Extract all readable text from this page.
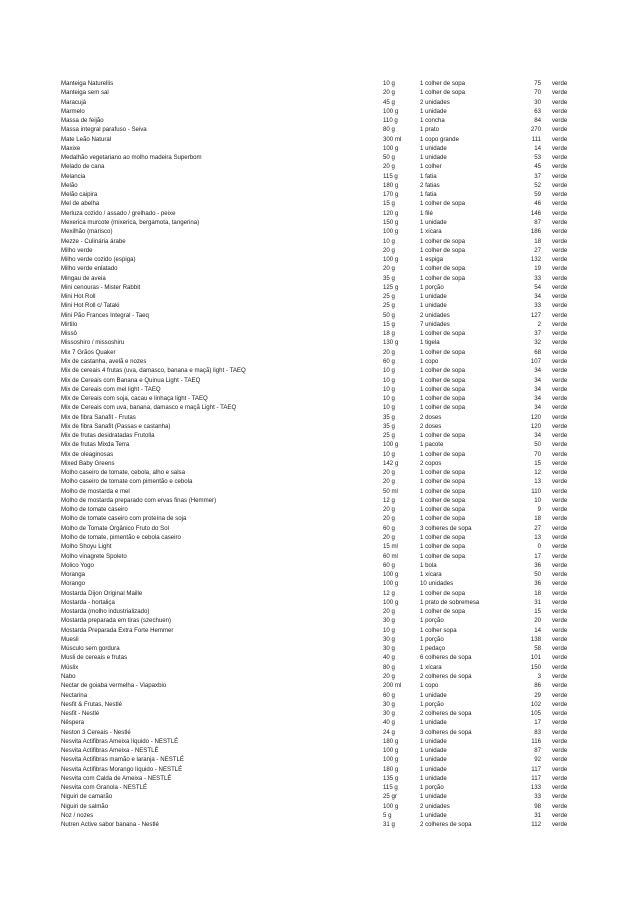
Manteiga Naturellis	10 g	1 colher de sopa	75 verde
Manteiga sem sal	20 g	1 colher de sopa	70 verde
Maracujá	45 g	2 unidades	30 verde
Marmelo	100 g	1 unidade	63 verde
Massa de feijão	110 g	1 concha	84 verde
Massa integral parafuso - Seiva	80 g	1 prato	270 verde
Mate Leão Natural	300 ml	1 copo grande	111 verde
Maxixe	100 g	1 unidade	14 verde
Medalhão vegetariano ao molho madeira Superbom	50 g	1 unidade	53 verde
Melado de cana	20 g	1 colher	45 verde
Melancia	115 g	1 fatia	37 verde
Melão	180 g	2 fatias	52 verde
Melão caipira	170 g	1 fatia	59 verde
Mel de abelha	15 g	1 colher de sopa	46 verde
Merluza cozido / assado / grelhado - peixe	120 g	1 filé	146 verde
Mexerica murcote (mixerica, bergamota, tangerina)	150 g	1 unidade	87 verde
Mexilhão (marisco)	100 g	1 xícara	186 verde
Mezze - Culinária árabe	10 g	1 colher de sopa	18 verde
Milho verde	20 g	1 colher de sopa	27 verde
Milho verde cozido (espiga)	100 g	1 espiga	132 verde
Milho verde enlatado	20 g	1 colher de sopa	19 verde
Mingau de aveia	35 g	1 colher de sopa	33 verde
Mini cenouras - Mister Rabbit	125 g	1 porção	54 verde
Mini Hot Roll	25 g	1 unidade	34 verde
Mini Hot Roll c/ Tataki	25 g	1 unidade	33 verde
Mini Pão Frances Integral - Taeq	50 g	2 unidades	127 verde
Mirtilo	15 g	7 unidades	2 verde
Missô	18 g	1 colher de sopa	37 verde
Missoshiro / missoshiru	130 g	1 tigela	32 verde
Mix 7 Grãos Quaker	20 g	1 colher de sopa	68 verde
Mix de castanha, avelã e nozes	60 g	1 copo	107 verde
Mix de cereais 4 frutas (uva, damasco, banana e maçã) light - TAEQ	10 g	1 colher de sopa	34 verde
Mix de Cereais com Banana e Quinua Light - TAEQ	10 g	1 colher de sopa	34 verde
Mix de Cereais com mel light - TAEQ	10 g	1 colher de sopa	34 verde
Mix de Cereais com soja, cacau e linhaça light - TAEQ	10 g	1 colher de sopa	34 verde
Mix de Cereais com uva, banana, damasco e maçã Light - TAEQ	10 g	1 colher de sopa	34 verde
Mix de fibra Sanafit - Frutas	35 g	2 doses	120 verde
Mix de fibra Sanafit (Passas e castanha)	35 g	2 doses	120 verde
Mix de frutas desidratadas Frutolla	25 g	1 colher de sopa	34 verde
Mix de frutas Mixda Terra	100 g	1 pacote	50 verde
Mix de oleaginosas	10 g	1 colher de sopa	70 verde
Mixed Baby Greens	142 g	2 copos	15 verde
Molho caseiro de tomate, cebola, alho e salsa	20 g	1 colher de sopa	12 verde
Molho caseiro de tomate com pimentão e cebola	20 g	1 colher de sopa	13 verde
Molho de mostarda e mel	50 ml	1 colher de sopa	110 verde
Molho de mostarda preparado com ervas finas (Hemmer)	12 g	1 colher de sopa	10 verde
Molho de tomate caseiro	20 g	1 colher de sopa	9 verde
Molho de tomate caseiro com proteína de soja	20 g	1 colher de sopa	18 verde
Molho de Tomate Orgânico Fruto do Sol	60 g	3 colheres de sopa	27 verde
Molho de tomate, pimentão e cebola caseiro	20 g	1 colher de sopa	13 verde
Molho Shoyu Light	15 ml	1 colher de sopa	0 verde
Molho vinagrete Spoleto	60 ml	1 colher de sopa	17 verde
Molico Yogo	60 g	1 bola	36 verde
Moranga	100 g	1 xícara	50 verde
Morango	100 g	10 unidades	36 verde
Mostarda Dijon Original Maille	12 g	1 colher de sopa	18 verde
Mostarda - hortaliça	100 g	1 prato de sobremesa	31 verde
Mostarda (molho industrializado)	20 g	1 colher de sopa	15 verde
Mostarda preparada em tiras (szechuen)	30 g	1 porção	20 verde
Mostarda Preparada Extra Forte Hemmer	10 g	1 colher sopa	14 verde
Muesli	30 g	1 porção	138 verde
Músculo sem gordura	30 g	1 pedaço	58 verde
Musli de cereais e frutas	40 g	6 colheres de sopa	101 verde
Müslix	80 g	1 xícara	150 verde
Nabo	20 g	2 colheres de sopa	3 verde
Nectar de goiaba vermelha - Viapaxbio	200 ml	1 copo	86 verde
Nectarina	60 g	1 unidade	29 verde
Nesfit & Frutas, Nestlé	30 g	1 porção	102 verde
Nesfit - Nestlé	30 g	2 colheres de sopa	105 verde
Nêspera	40 g	1 unidade	17 verde
Neston 3 Cereais - Nestlé	24 g	3 colheres de sopa	83 verde
Nesvita Actifibras Ameixa líquido - NESTLÉ	180 g	1 unidade	116 verde
Nesvita Actifibras Ameixa - NESTLÉ	100 g	1 unidade	87 verde
Nesvita Actifibras mamão e laranja - NESTLÉ	100 g	1 unidade	92 verde
Nesvita Actifibras Morango líquido - NESTLÉ	180 g	1 unidade	117 verde
Nesvita com Calda de Ameixa - NESTLÉ	135 g	1 unidade	117 verde
Nesvita com Granola - NESTLÉ	115 g	1 porção	133 verde
Niguiri de camarão	25 gr	1 unidade	33 verde
Niguiri de salmão	100 g	2 unidades	98 verde
Noz / nozes	5 g	1 unidade	31 verde
Nutren Active sabor banana - Nestlé	31 g	2 colheres de sopa	112 verde
